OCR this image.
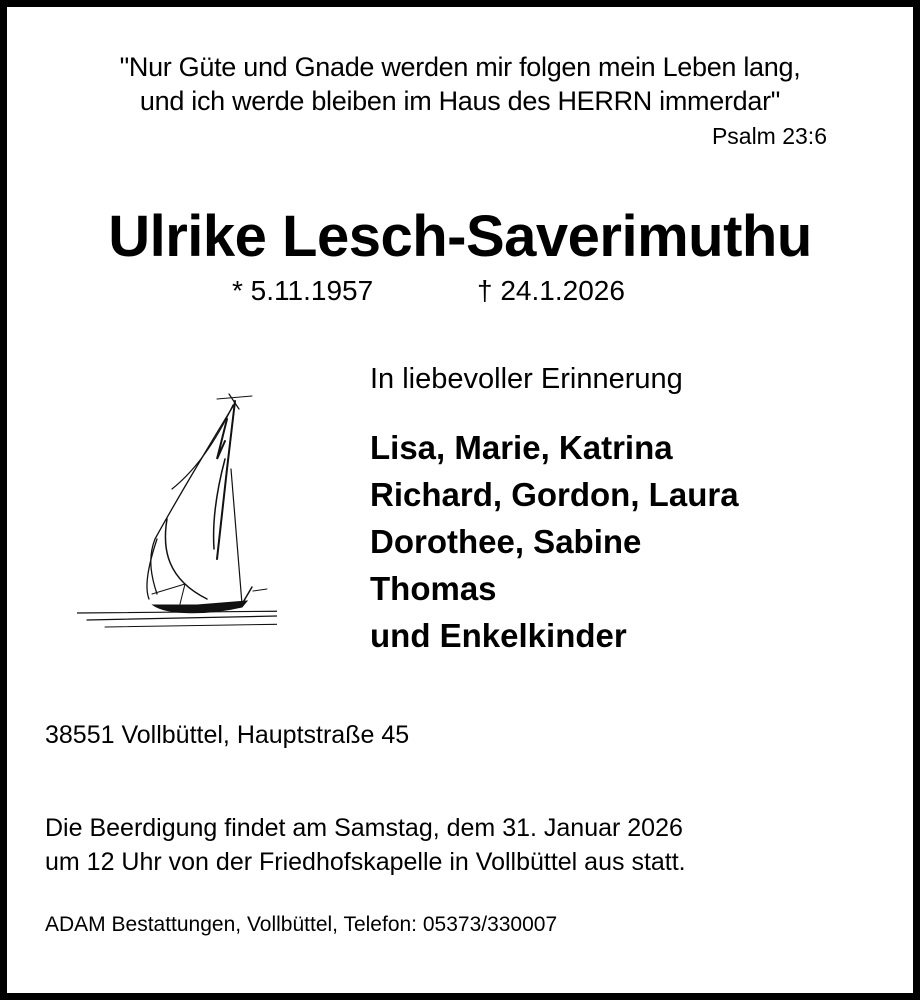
"Nur Güte und Gnade werden mir folgen mein Leben lang,
und ich werde bleiben im Haus des HERRN immerdar"
Psalm 23:6
Ulrike Lesch-Saverimuthu
* 5.11.1957	† 24.1.2026
In liebevoller Erinnerung
Lisa, Marie, Katrina
Richard, Gordon, Laura
Dorothee, Sabine
Thomas
und Enkelkinder
38551 Vollbüttel, Hauptstraße 45
Die Beerdigung findet am Samstag, dem 31. Januar 2026
um 12 Uhr von der Friedhofskapelle in Vollbüttel aus statt.
ADAM Bestattungen, Vollbüttel, Telefon: 05373/330007
